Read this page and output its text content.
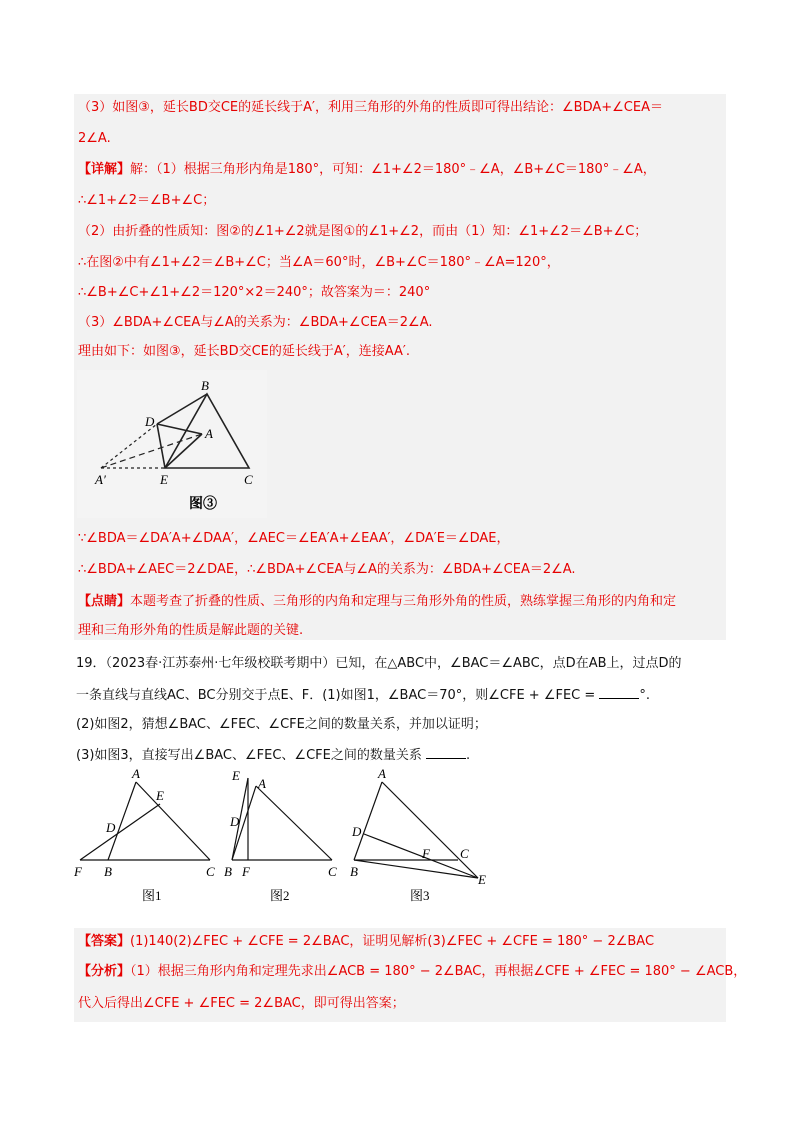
（3）如图③，延长BD交CE的延长线于A′，利用三角形的外角的性质即可得出结论：∠BDA+∠CEA＝
2∠A.
【详解】解：（1）根据三角形内角是180°，可知：∠1+∠2＝180°﹣∠A，∠B+∠C＝180°﹣∠A，
∴∠1+∠2＝∠B+∠C；
（2）由折叠的性质知：图②的∠1+∠2就是图①的∠1+∠2，而由（1）知：∠1+∠2＝∠B+∠C；
∴在图②中有∠1+∠2＝∠B+∠C；当∠A＝60°时，∠B+∠C＝180°﹣∠A=120°，
∴∠B+∠C+∠1+∠2＝120°×2＝240°；故答案为＝：240°
（3）∠BDA+∠CEA与∠A的关系为：∠BDA+∠CEA＝2∠A.
理由如下：如图③，延长BD交CE的延长线于A′，连接AA′.
B
D
A
A′	E	C
图③
∵∠BDA＝∠DA′A+∠DAA′，∠AEC＝∠EA′A+∠EAA′，∠DA′E＝∠DAE，
∴∠BDA+∠AEC＝2∠DAE，∴∠BDA+∠CEA与∠A的关系为：∠BDA+∠CEA＝2∠A.
【点睛】本题考查了折叠的性质、三角形的内角和定理与三角形外角的性质，熟练掌握三角形的内角和定
理和三角形外角的性质是解此题的关键.
19．（2023春·江苏泰州·七年级校联考期中）已知，在△ABC中，∠BAC＝∠ABC，点D在AB上，过点D的
一条直线与直线AC、BC分别交于点E、F．(1)如图1，∠BAC＝70°，则∠CFE + ∠FEC =	°.
(2)如图2，猜想∠BAC、∠FEC、∠CFE之间的数量关系，并加以证明；
(3)如图3，直接写出∠BAC、∠FEC、∠CFE之间的数量关系	.
A
E
D
F B	C
图1
E
A
D
B F	C
图2
A
D
F C
B
E
图3
【答案】(1)140(2)∠FEC + ∠CFE = 2∠BAC，证明见解析(3)∠FEC + ∠CFE = 180° − 2∠BAC
【分析】（1）根据三角形内角和定理先求出∠ACB = 180° − 2∠BAC，再根据∠CFE + ∠FEC = 180° − ∠ACB，
代入后得出∠CFE + ∠FEC = 2∠BAC，即可得出答案；
